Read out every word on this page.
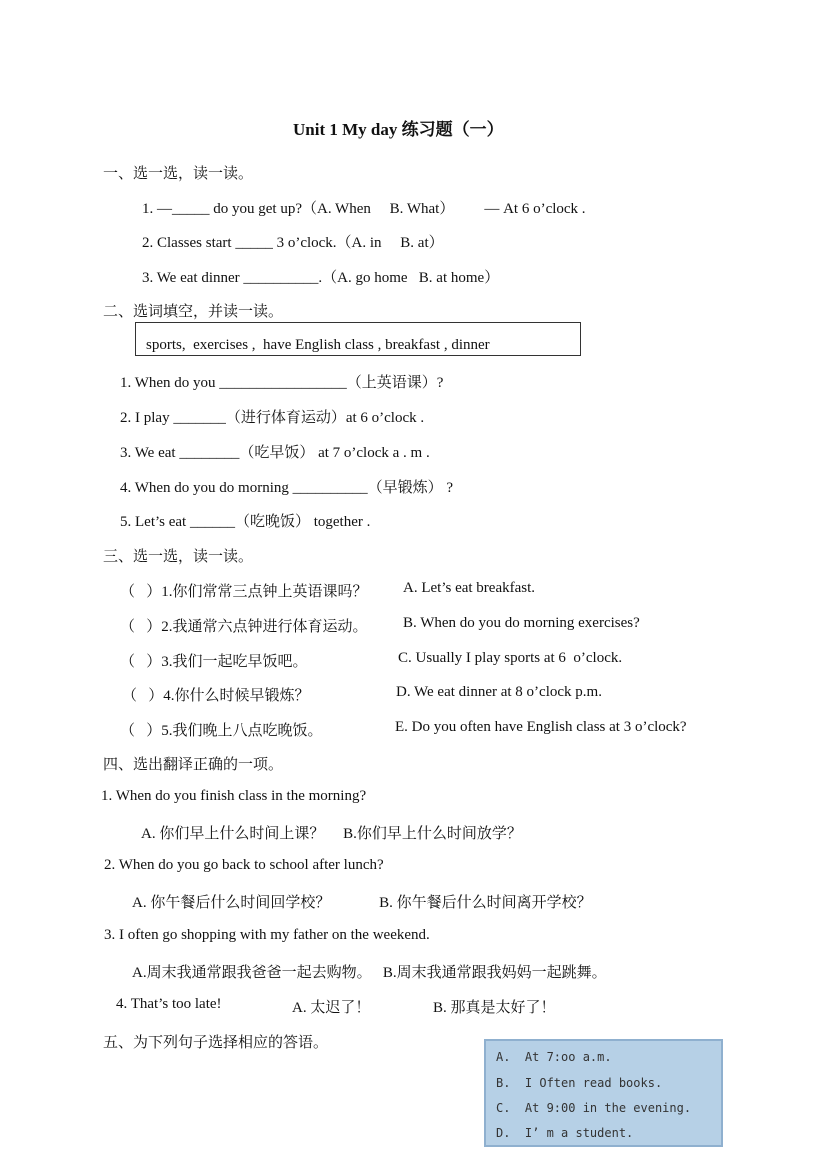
Unit 1 My day 练习题（一）
一、选一选，读一读。
1. —_____ do you get up?（A. When     B. What）        — At 6 o’clock .
2. Classes start _____ 3 o’clock.（A. in     B. at）
3. We eat dinner __________.（A. go home   B. at home）
二、选词填空，并读一读。
sports,  exercises ,  have English class , breakfast , dinner
1. When do you _________________（上英语课）?
2. I play _______（进行体育运动）at 6 o’clock .
3. We eat ________（吃早饭） at 7 o’clock a . m .
4. When do you do morning __________（早锻炼） ?
5. Let’s eat ______（吃晚饭） together .
三、选一选，读一读。
（   ）1.你们常常三点钟上英语课吗？ A. Let’s eat breakfast.
（   ）2.我通常六点钟进行体育运动。 B. When do you do morning exercises?
（   ）3.我们一起吃早饭吧。	C. Usually I play sports at 6  o’clock.
（   ）4.你什么时候早锻炼？	D. We eat dinner at 8 o’clock p.m.
（   ）5.我们晚上八点吃晚饭。	E. Do you often have English class at 3 o’clock?
四、选出翻译正确的一项。
1. When do you finish class in the morning?
A. 你们早上什么时间上课？     B.你们早上什么时间放学？
2. When do you go back to school after lunch?
A. 你午餐后什么时间回学校？             B. 你午餐后什么时间离开学校？
3. I often go shopping with my father on the weekend.
A.周末我通常跟我爸爸一起去购物。   B.周末我通常跟我妈妈一起跳舞。
4. That’s too late!	A. 太迟了！	B. 那真是太好了！
五、为下列句子选择相应的答语。
A.  At 7:oo a.m.
B.  I Often read books.
C.  At 9:00 in the evening.
D.  I’ m a student.
